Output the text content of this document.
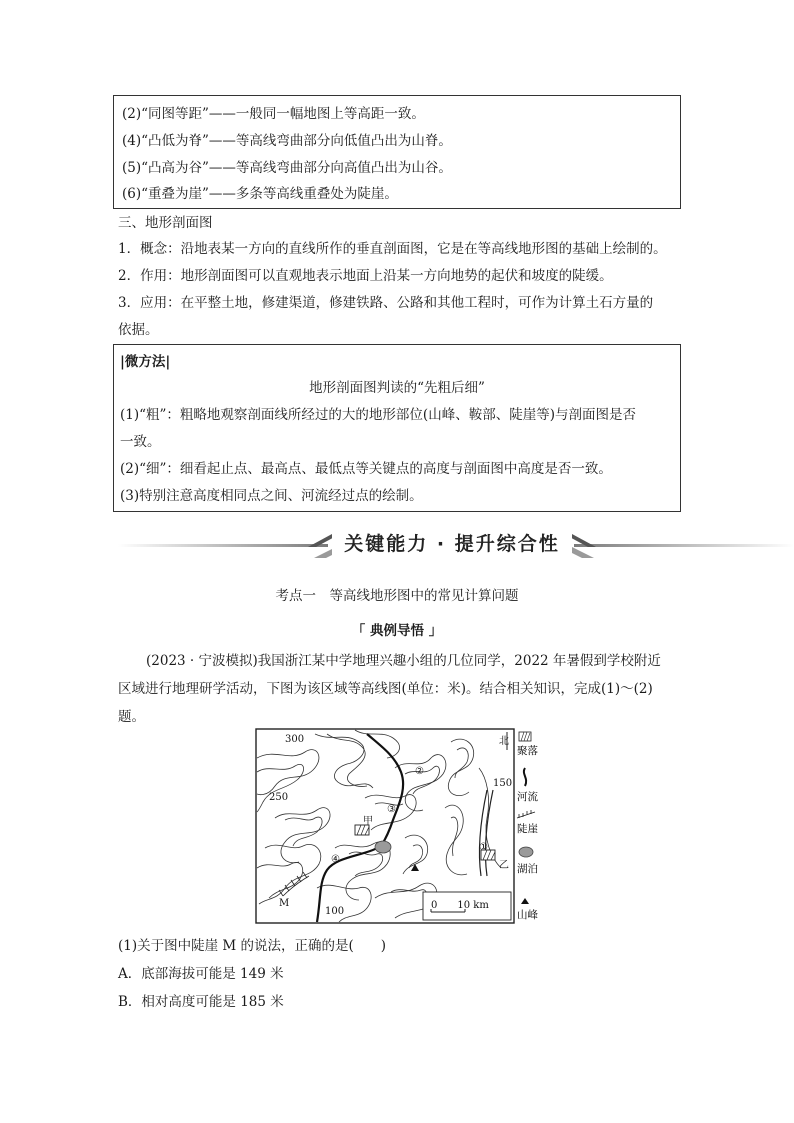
(2)“同图等距”——一般同一幅地图上等高距一致。
(4)“凸低为脊”——等高线弯曲部分向低值凸出为山脊。
(5)“凸高为谷”——等高线弯曲部分向高值凸出为山谷。
(6)“重叠为崖”——多条等高线重叠处为陡崖。
三、地形剖面图
1．概念：沿地表某一方向的直线所作的垂直剖面图，它是在等高线地形图的基础上绘制的。
2．作用：地形剖面图可以直观地表示地面上沿某一方向地势的起伏和坡度的陡缓。
3．应用：在平整土地，修建渠道，修建铁路、公路和其他工程时，可作为计算土石方量的
依据。
|微方法|
地形剖面图判读的“先粗后细”
(1)“粗”：粗略地观察剖面线所经过的大的地形部位(山峰、鞍部、陡崖等)与剖面图是否
一致。
(2)“细”：细看起止点、最高点、最低点等关键点的高度与剖面图中高度是否一致。
(3)特别注意高度相同点之间、河流经过点的绘制。
关键能力 · 提升综合性
考点一　等高线地形图中的常见计算问题
「 典例导悟 」
(2023 · 宁波模拟)我国浙江某中学地理兴趣小组的几位同学，2022 年暑假到学校附近
区域进行地理研学活动，下图为该区域等高线图(单位：米)。结合相关知识，完成(1)～(2)
题。
300
250
150
100
北
①
②
③
④
甲
乙
M	0　　10 km
聚落
河流
陡崖
湖泊
山峰
(1)关于图中陡崖 M 的说法，正确的是(　　)
A．底部海拔可能是 149 米
B．相对高度可能是 185 米
